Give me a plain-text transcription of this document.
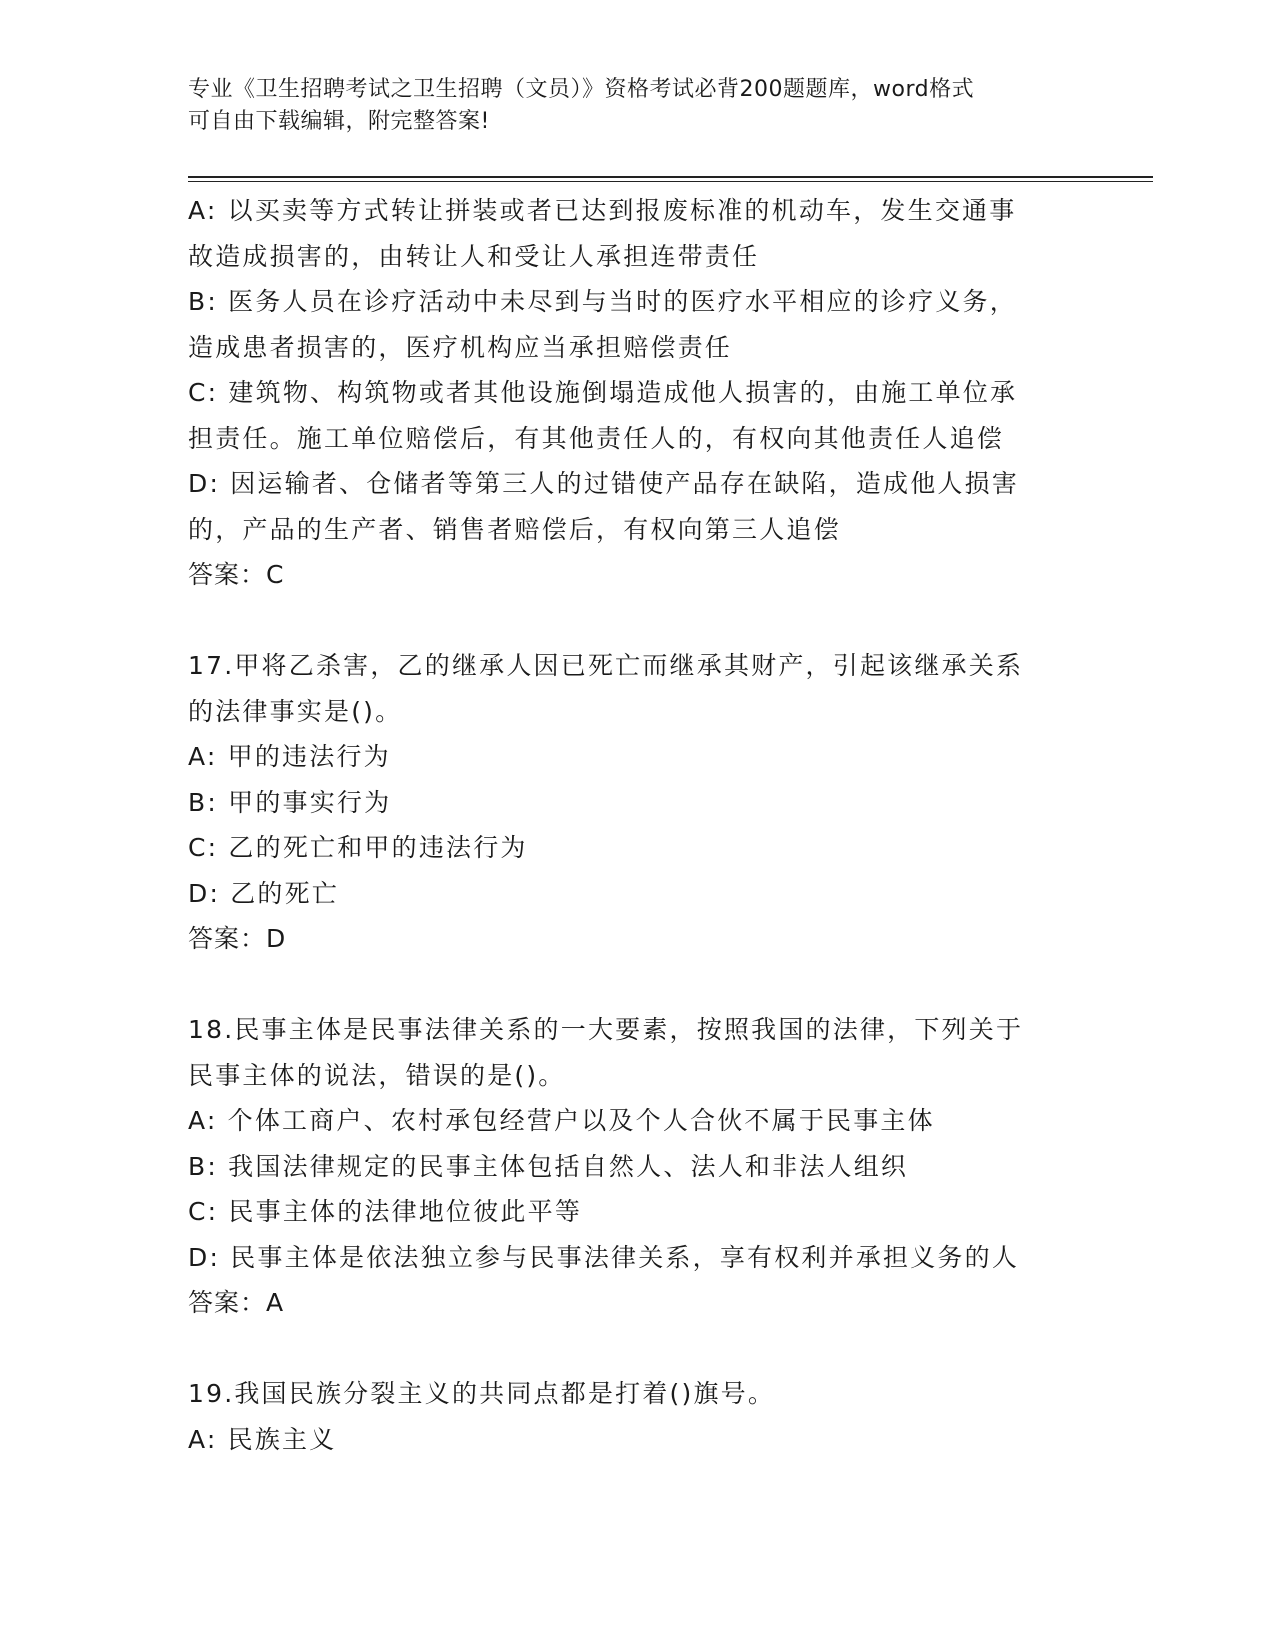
专业《卫生招聘考试之卫生招聘（文员）》资格考试必背200题题库，word格式
可自由下载编辑，附完整答案!
A: 以买卖等方式转让拼装或者已达到报废标准的机动车，发生交通事
故造成损害的，由转让人和受让人承担连带责任
B: 医务人员在诊疗活动中未尽到与当时的医疗水平相应的诊疗义务，
造成患者损害的，医疗机构应当承担赔偿责任
C: 建筑物、构筑物或者其他设施倒塌造成他人损害的，由施工单位承
担责任。施工单位赔偿后，有其他责任人的，有权向其他责任人追偿
D: 因运输者、仓储者等第三人的过错使产品存在缺陷，造成他人损害
的，产品的生产者、销售者赔偿后，有权向第三人追偿
答案：C
17.甲将乙杀害，乙的继承人因已死亡而继承其财产，引起该继承关系
的法律事实是()。
A: 甲的违法行为
B: 甲的事实行为
C: 乙的死亡和甲的违法行为
D: 乙的死亡
答案：D
18.民事主体是民事法律关系的一大要素，按照我国的法律，下列关于
民事主体的说法，错误的是()。
A: 个体工商户、农村承包经营户以及个人合伙不属于民事主体
B: 我国法律规定的民事主体包括自然人、法人和非法人组织
C: 民事主体的法律地位彼此平等
D: 民事主体是依法独立参与民事法律关系，享有权利并承担义务的人
答案：A
19.我国民族分裂主义的共同点都是打着()旗号。
A: 民族主义
